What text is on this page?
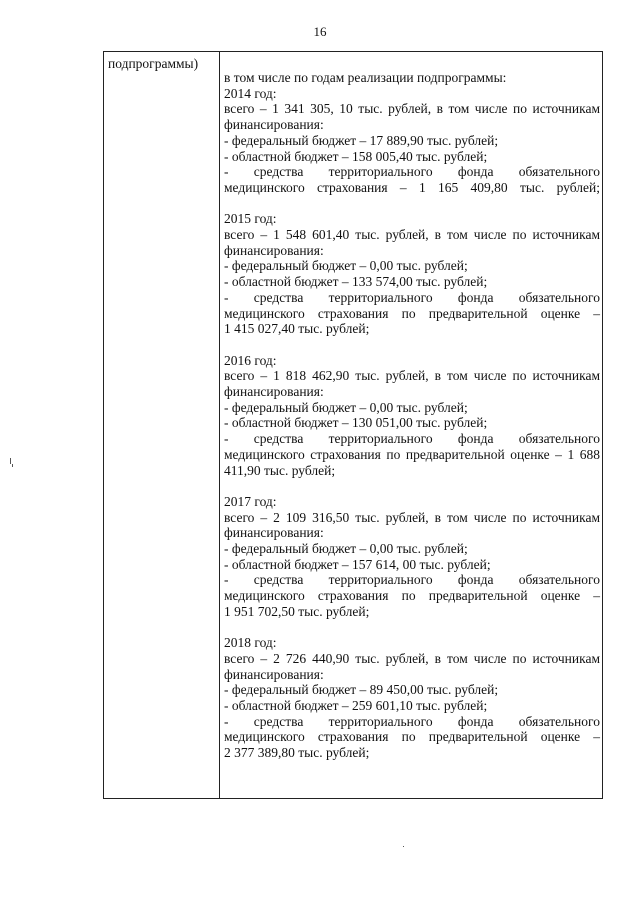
16
подпрограммы)
в том числе по годам реализации подпрограммы:
2014 год:
всего – 1 341 305, 10 тыс. рублей, в том числе по источникам
финансирования:
- федеральный бюджет – 17 889,90 тыс. рублей;
- областной бюджет – 158 005,40 тыс. рублей;
- средства территориального фонда обязательного
медицинского страхования – 1 165 409,80 тыс. рублей;
2015 год:
всего – 1 548 601,40 тыс. рублей, в том числе по источникам
финансирования:
- федеральный бюджет – 0,00 тыс. рублей;
- областной бюджет – 133 574,00 тыс. рублей;
- средства территориального фонда обязательного
медицинского страхования по предварительной оценке –
1 415 027,40 тыс. рублей;
2016 год:
всего – 1 818 462,90 тыс. рублей, в том числе по источникам
финансирования:
- федеральный бюджет – 0,00 тыс. рублей;
- областной бюджет – 130 051,00 тыс. рублей;
- средства территориального фонда обязательного
медицинского страхования по предварительной оценке – 1 688
411,90 тыс. рублей;
2017 год:
всего – 2 109 316,50 тыс. рублей, в том числе по источникам
финансирования:
- федеральный бюджет – 0,00 тыс. рублей;
- областной бюджет – 157 614, 00 тыс. рублей;
- средства территориального фонда обязательного
медицинского страхования по предварительной оценке –
1 951 702,50 тыс. рублей;
2018 год:
всего – 2 726 440,90 тыс. рублей, в том числе по источникам
финансирования:
- федеральный бюджет – 89 450,00 тыс. рублей;
- областной бюджет – 259 601,10 тыс. рублей;
- средства территориального фонда обязательного
медицинского страхования по предварительной оценке –
2 377 389,80 тыс. рублей;
